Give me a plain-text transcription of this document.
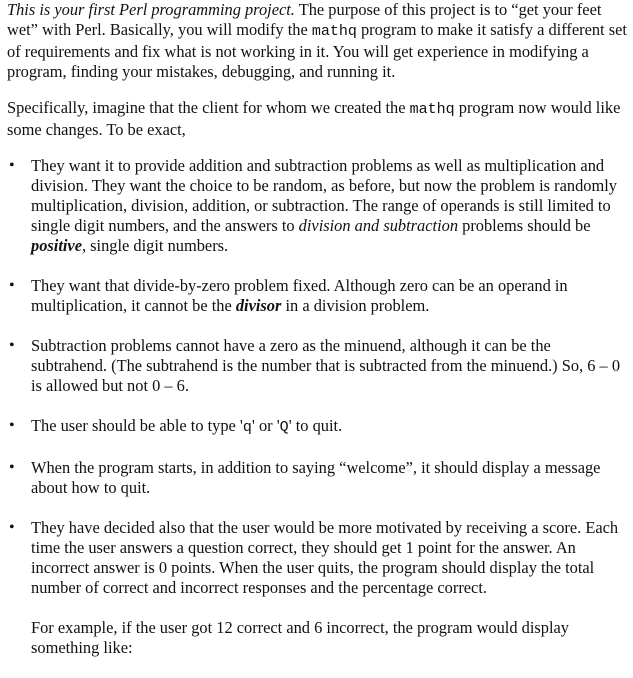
This is your first Perl programming project. The purpose of this project is to “get your feet wet” with Perl. Basically, you will modify the mathq program to make it satisfy a different set of requirements and fix what is not working in it. You will get experience in modifying a program, finding your mistakes, debugging, and running it.

Specifically, imagine that the client for whom we created the mathq program now would like some changes. To be exact,

• They want it to provide addition and subtraction problems as well as multiplication and division. They want the choice to be random, as before, but now the problem is randomly multiplication, division, addition, or subtraction. The range of operands is still limited to single digit numbers, and the answers to division and subtraction problems should be positive, single digit numbers.
• They want that divide-by-zero problem fixed. Although zero can be an operand in multiplication, it cannot be the divisor in a division problem.
• Subtraction problems cannot have a zero as the minuend, although it can be the subtrahend. (The subtrahend is the number that is subtracted from the minuend.) So, 6 – 0 is allowed but not 0 – 6.
• The user should be able to type 'q' or 'Q' to quit.
• When the program starts, in addition to saying “welcome”, it should display a message about how to quit.
• They have decided also that the user would be more motivated by receiving a score. Each time the user answers a question correct, they should get 1 point for the answer. An incorrect answer is 0 points. When the user quits, the program should display the total number of correct and incorrect responses and the percentage correct.

For example, if the user got 12 correct and 6 incorrect, the program would display something like:
